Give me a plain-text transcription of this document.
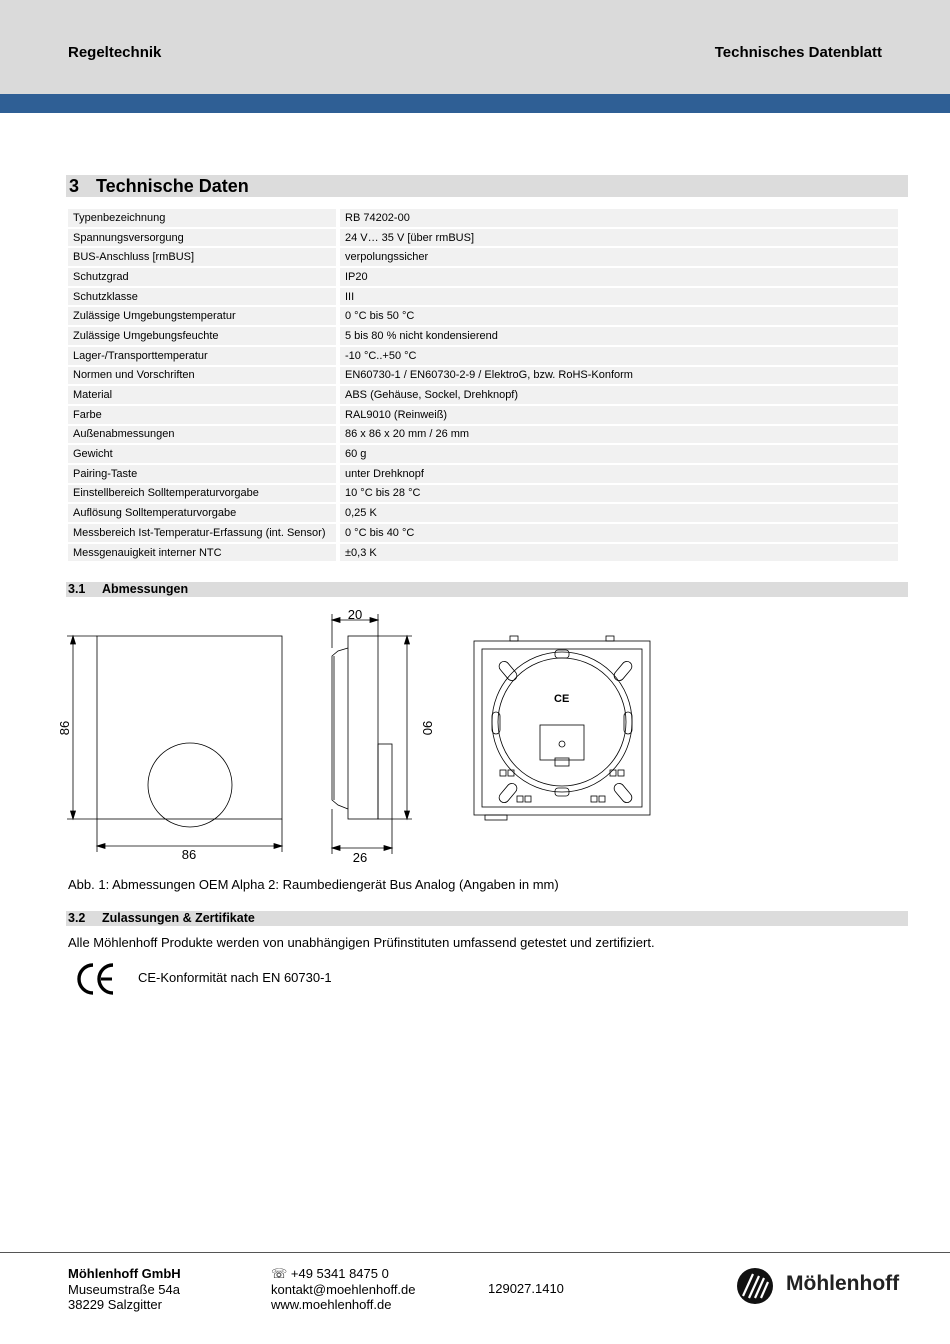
Regeltechnik	Technisches Datenblatt
3 Technische Daten
Typenbezeichnung		RB 74202-00
Spannungsversorgung		24 V… 35 V [über rmBUS]
BUS-Anschluss [rmBUS]		verpolungssicher
Schutzgrad		IP20
Schutzklasse		III
Zulässige Umgebungstemperatur		0 °C bis 50 °C
Zulässige Umgebungsfeuchte		5 bis 80 % nicht kondensierend
Lager-/Transporttemperatur		-10 °C..+50 °C
Normen und Vorschriften		EN60730-1 / EN60730-2-9 / ElektroG, bzw. RoHS-Konform
Material		ABS (Gehäuse, Sockel, Drehknopf)
Farbe		RAL9010 (Reinweiß)
Außenabmessungen		86 x 86 x 20 mm / 26 mm
Gewicht		60 g
Pairing-Taste		unter Drehknopf
Einstellbereich Solltemperaturvorgabe		10 °C bis 28 °C
Auflösung Solltemperaturvorgabe		0,25 K
Messbereich Ist-Temperatur-Erfassung (int. Sensor)		0 °C bis 40 °C
Messgenauigkeit interner NTC		±0,3 K
3.1 Abmessungen
CE
86
86
20
90
26
Abb. 1: Abmessungen OEM Alpha 2: Raumbediengerät Bus Analog (Angaben in mm)
3.2 Zulassungen & Zertifikate
Alle Möhlenhoff Produkte werden von unabhängigen Prüfinstituten umfassend getestet und zertifiziert.
CE-Konformität nach EN 60730-1
Möhlenhoff GmbH
Museumstraße 54a
38229 Salzgitter
☏ +49 5341 8475 0
kontakt@moehlenhoff.de
www.moehlenhoff.de
129027.1410	Möhlenhoff
